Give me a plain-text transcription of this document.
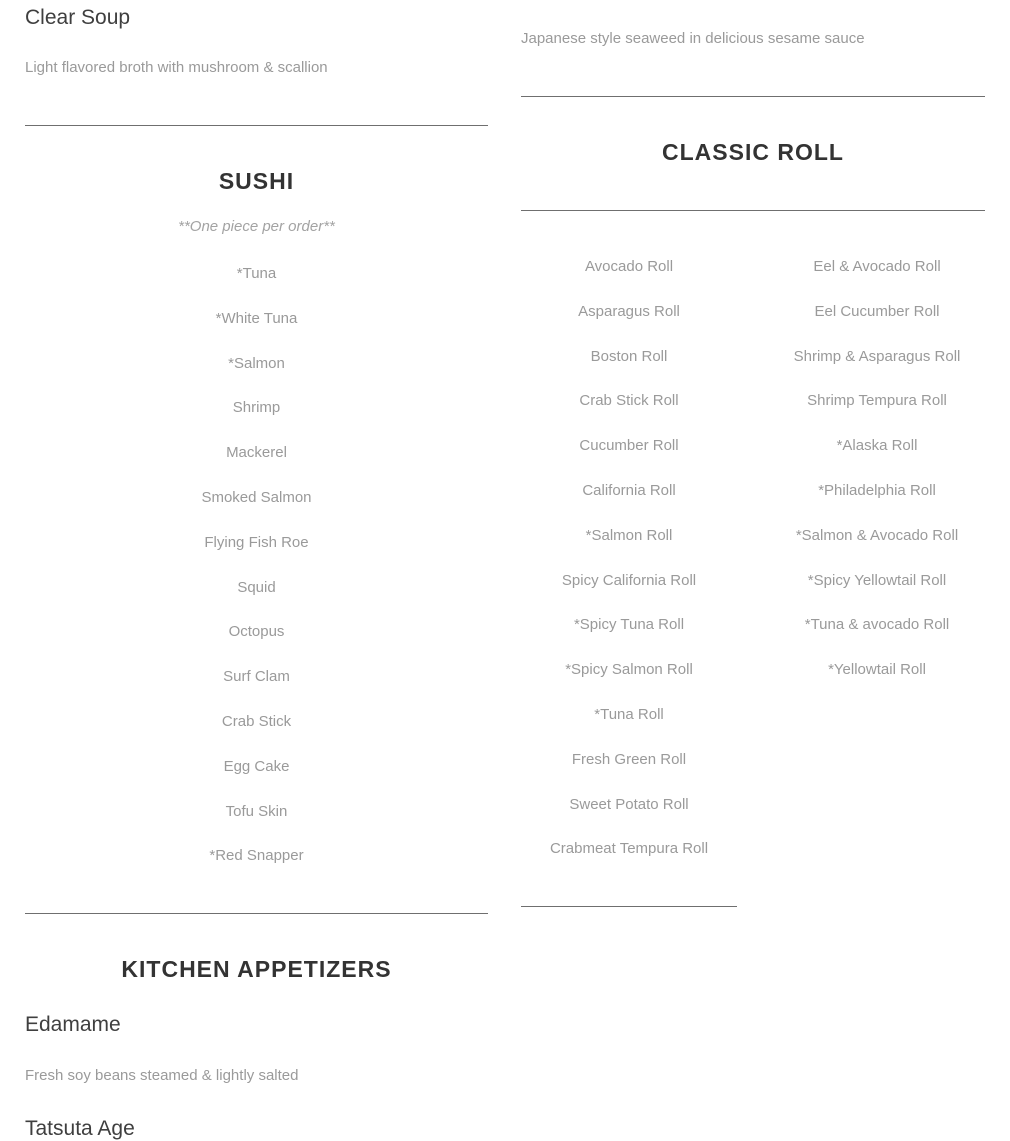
Clear Soup
Light flavored broth with mushroom & scallion
SUSHI
**One piece per order**
*Tuna
*White Tuna
*Salmon
Shrimp
Mackerel
Smoked Salmon
Flying Fish Roe
Squid
Octopus
Surf Clam
Crab Stick
Egg Cake
Tofu Skin
*Red Snapper
KITCHEN APPETIZERS
Edamame
Fresh soy beans steamed & lightly salted
Tatsuta Age
Japanese style seaweed in delicious sesame sauce
CLASSIC ROLL
Avocado Roll
Asparagus Roll
Boston Roll
Crab Stick Roll
Cucumber Roll
California Roll
*Salmon Roll
Spicy California Roll
*Spicy Tuna Roll
*Spicy Salmon Roll
*Tuna Roll
Fresh Green Roll
Sweet Potato Roll
Crabmeat Tempura Roll
Eel & Avocado Roll
Eel Cucumber Roll
Shrimp & Asparagus Roll
Shrimp Tempura Roll
*Alaska Roll
*Philadelphia Roll
*Salmon & Avocado Roll
*Spicy Yellowtail Roll
*Tuna & avocado Roll
*Yellowtail Roll
